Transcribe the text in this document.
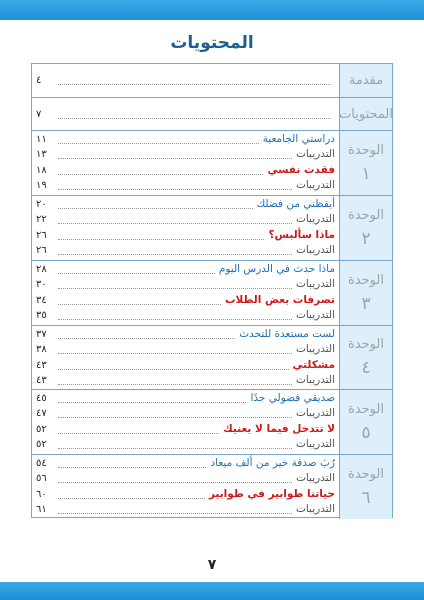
المحتويات
مقدمة
٤
المحتويات
٧
الوحدة
١
دراستي الجامعية
١١
التدريبات
١٣
فقدت نفسي
١٨
التدريبات
١٩
الوحدة
٢
أيقظني من فضلك
٢٠
التدريبات
٢٢
ماذا سألبس؟
٢٦
التدريبات
٢٦
الوحدة
٣
ماذا حدث في الدرس اليوم
٢٨
التدريبات
٣٠
تصرفات بعض الطلاب
٣٤
التدريبات
٣٥
الوحدة
٤
لست مستعدة للتحدث
٣٧
التدريبات
٣٨
مشكلتي
٤٣
التدريبات
٤٣
الوحدة
٥
صديقي فضولي جدًا
٤٥
التدريبات
٤٧
لا تتدخل فيما لا يعنيك
٥٢
التدريبات
٥٢
الوحدة
٦
رُبَ صدفة خير من ألف ميعاد
٥٤
التدريبات
٥٦
حياتنا طوابير في طوابير
٦٠
التدريبات
٦١
٧
